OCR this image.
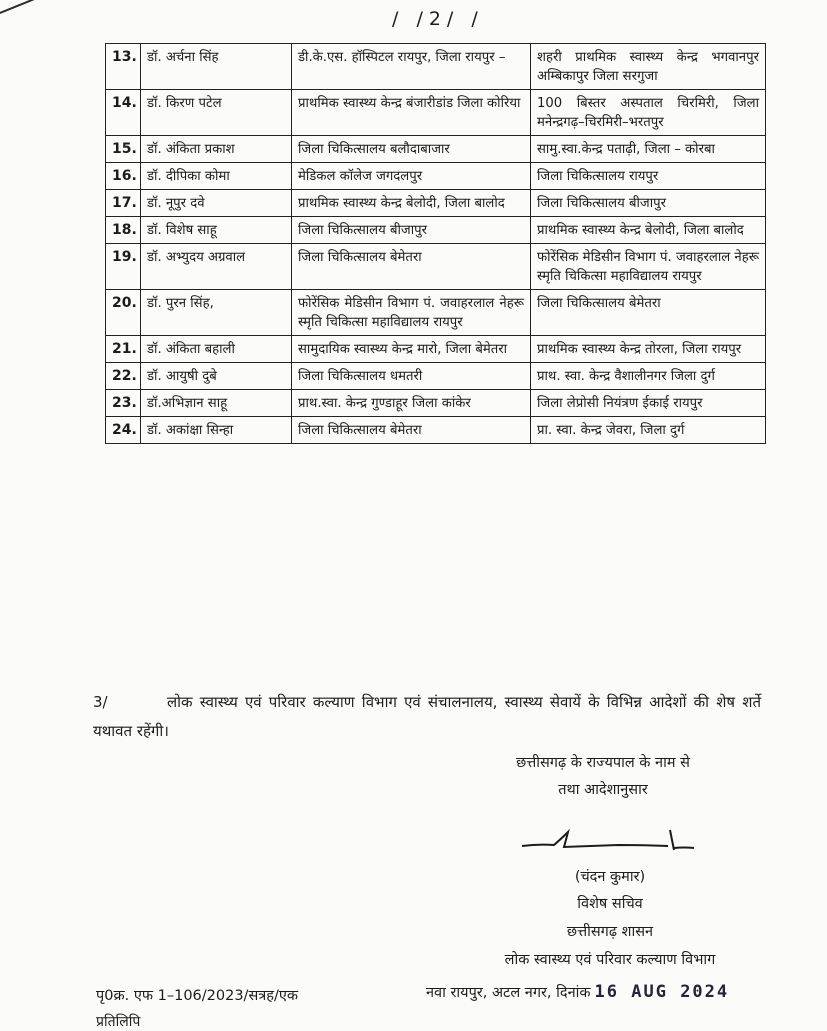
/ /2/ /
13.	डॉ. अर्चना सिंह	डी.के.एस. हॉस्पिटल रायपुर, जिला रायपुर –	शहरी प्राथमिक स्वास्थ्य केन्द्र भगवानपुर अम्बिकापुर जिला सरगुजा
14.	डॉ. किरण पटेल	प्राथमिक स्वास्थ्य केन्द्र बंजारीडांड जिला कोरिया	100 बिस्तर अस्पताल चिरमिरी, जिला मनेन्द्रगढ़–चिरमिरी–भरतपुर
15.	डॉ. अंकिता प्रकाश	जिला चिकित्सालय बलौदाबाजार	सामु.स्वा.केन्द्र पताढ़ी, जिला – कोरबा
16.	डॉ. दीपिका कोमा	मेडिकल कॉलेज जगदलपुर	जिला चिकित्सालय रायपुर
17.	डॉ. नूपुर दवे	प्राथमिक स्वास्थ्य केन्द्र बेलोदी, जिला बालोद	जिला चिकित्सालय बीजापुर
18.	डॉ. विशेष साहू	जिला चिकित्सालय बीजापुर	प्राथमिक स्वास्थ्य केन्द्र बेलोदी, जिला बालोद
19.	डॉ. अभ्युदय अग्रवाल	जिला चिकित्सालय बेमेतरा	फोरेंसिक मेडिसीन विभाग पं. जवाहरलाल नेहरू स्मृति चिकित्सा महाविद्यालय रायपुर
20.	डॉ. पुरन सिंह,	फोरेंसिक मेडिसीन विभाग पं. जवाहरलाल नेहरू स्मृति चिकित्सा महाविद्यालय रायपुर	जिला चिकित्सालय बेमेतरा
21.	डॉ. अंकिता बहाली	सामुदायिक स्वास्थ्य केन्द्र मारो, जिला बेमेतरा	प्राथमिक स्वास्थ्य केन्द्र तोरला, जिला रायपुर
22.	डॉ. आयुषी दुबे	जिला चिकित्सालय धमतरी	प्राथ. स्वा. केन्द्र वैशालीनगर जिला दुर्ग
23.	डॉ.अभिज्ञान साहू	प्राथ.स्वा. केन्द्र गुण्डाहूर जिला कांकेर	जिला लेप्रोसी नियंत्रण ईकाई रायपुर
24.	डॉ. अकांक्षा सिन्हा	जिला चिकित्सालय बेमेतरा	प्रा. स्वा. केन्द्र जेवरा, जिला दुर्ग
3/	लोक स्वास्थ्य एवं परिवार कल्याण विभाग एवं संचालनालय, स्वास्थ्य सेवायें के विभिन्न आदेशों की शेष शर्ते यथावत रहेंगी।
छत्तीसगढ़ के राज्यपाल के नाम से
तथा आदेशानुसार
(चंदन कुमार)
विशेष सचिव
छत्तीसगढ़ शासन
लोक स्वास्थ्य एवं परिवार कल्याण विभाग
पृ0क्र. एफ 1–106/2023/सत्रह/एक	नवा रायपुर, अटल नगर, दिनांक 16 AUG 2024
प्रतिलिपि
